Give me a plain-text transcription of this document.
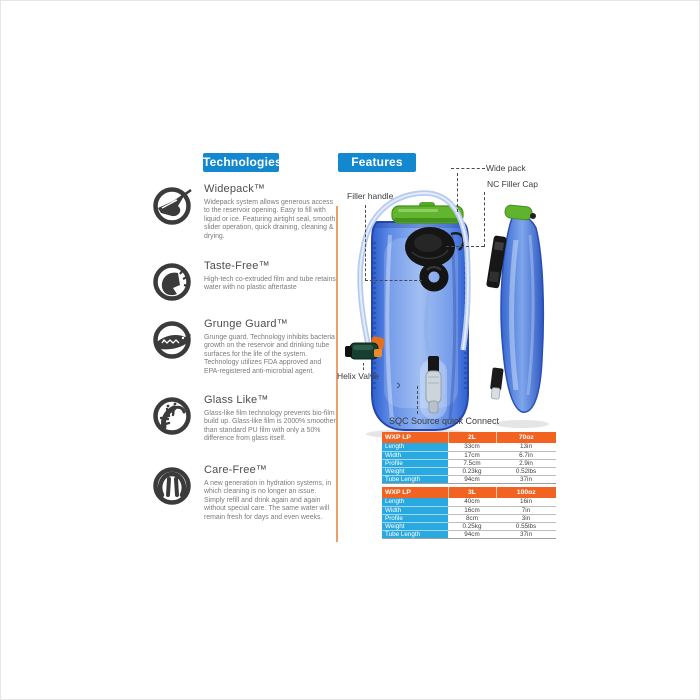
Technologies
Widepack™

Widepack system allows generous access to the reservoir opening. Easy to fill with liquid or ice. Featuring airtight seal, smooth slider operation, quick draining, cleaning & drying.

Taste-Free™

High-tech co-extruded film and tube retains water with no plastic aftertaste

Grunge Guard™

Grunge guard. Technology inhibits bacteria growth on the reservoir and drinking tube surfaces for the life of the system. Technology utilizes FDA approved and EPA-registered anti-microbial agent.

Glass Like™

Glass-like film technology prevents bio-film build up. Glass-like film is 2000% smoother than standard PU film with only a 50% difference from glass itself.

Care-Free™

A new generation in hydration systems, in which cleaning is no longer an issue. Simply refill and drink again and again without special care. The same water will remain fresh for days and even weeks.

Features
Filler handle
Wide pack
NC Filler Cap
Helix Valve
SQC Source quick Connect
WXP LP	2L	70oz
Length	33cm	13in
Width	17cm	6.7in
Profile	7.5cm	2.9in
Weight	0.23kg	0.52lbs
Tube Length	94cm	37in
WXP LP	3L	100oz
Length	40cm	16in
Width	16cm	7in
Profile	8cm	3in
Weight	0.25kg	0.55lbs
Tube Length	94cm	37in
